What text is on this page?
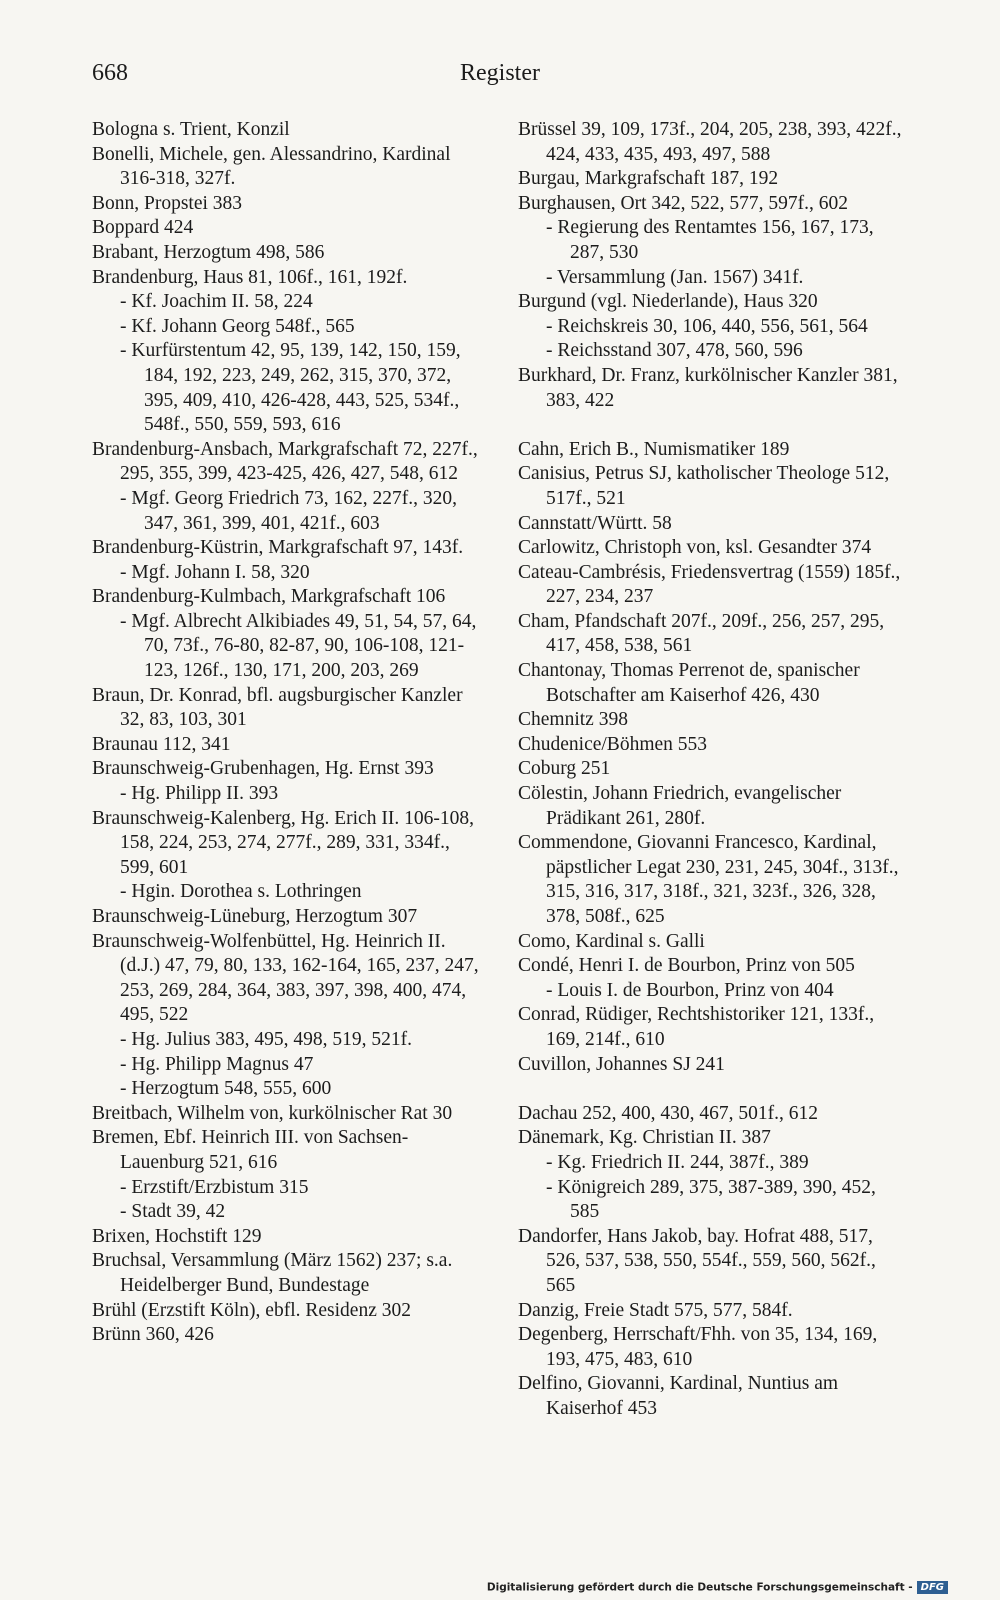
668	Register
Bologna s. Trient, Konzil
Bonelli, Michele, gen. Alessandrino, Kardinal 316-318, 327f.
Bonn, Propstei 383
Boppard 424
Brabant, Herzogtum 498, 586
Brandenburg, Haus 81, 106f., 161, 192f.
- Kf. Joachim II. 58, 224
- Kf. Johann Georg 548f., 565
- Kurfürstentum 42, 95, 139, 142, 150, 159, 184, 192, 223, 249, 262, 315, 370, 372, 395, 409, 410, 426-428, 443, 525, 534f., 548f., 550, 559, 593, 616
Brandenburg-Ansbach, Markgrafschaft 72, 227f., 295, 355, 399, 423-425, 426, 427, 548, 612
- Mgf. Georg Friedrich 73, 162, 227f., 320, 347, 361, 399, 401, 421f., 603
Brandenburg-Küstrin, Markgrafschaft 97, 143f.
- Mgf. Johann I. 58, 320
Brandenburg-Kulmbach, Markgrafschaft 106
- Mgf. Albrecht Alkibiades 49, 51, 54, 57, 64, 70, 73f., 76-80, 82-87, 90, 106-108, 121-123, 126f., 130, 171, 200, 203, 269
Braun, Dr. Konrad, bfl. augsburgischer Kanzler 32, 83, 103, 301
Braunau 112, 341
Braunschweig-Grubenhagen, Hg. Ernst 393
- Hg. Philipp II. 393
Braunschweig-Kalenberg, Hg. Erich II. 106-108, 158, 224, 253, 274, 277f., 289, 331, 334f., 599, 601
- Hgin. Dorothea s. Lothringen
Braunschweig-Lüneburg, Herzogtum 307
Braunschweig-Wolfenbüttel, Hg. Heinrich II. (d.J.) 47, 79, 80, 133, 162-164, 165, 237, 247, 253, 269, 284, 364, 383, 397, 398, 400, 474, 495, 522
- Hg. Julius 383, 495, 498, 519, 521f.
- Hg. Philipp Magnus 47
- Herzogtum 548, 555, 600
Breitbach, Wilhelm von, kurkölnischer Rat 30
Bremen, Ebf. Heinrich III. von Sachsen-Lauenburg 521, 616
- Erzstift/Erzbistum 315
- Stadt 39, 42
Brixen, Hochstift 129
Bruchsal, Versammlung (März 1562) 237; s.a. Heidelberger Bund, Bundestage
Brühl (Erzstift Köln), ebfl. Residenz 302
Brünn 360, 426
Brüssel 39, 109, 173f., 204, 205, 238, 393, 422f., 424, 433, 435, 493, 497, 588
Burgau, Markgrafschaft 187, 192
Burghausen, Ort 342, 522, 577, 597f., 602
- Regierung des Rentamtes 156, 167, 173, 287, 530
- Versammlung (Jan. 1567) 341f.
Burgund (vgl. Niederlande), Haus 320
- Reichskreis 30, 106, 440, 556, 561, 564
- Reichsstand 307, 478, 560, 596
Burkhard, Dr. Franz, kurkölnischer Kanzler 381, 383, 422
Cahn, Erich B., Numismatiker 189
Canisius, Petrus SJ, katholischer Theologe 512, 517f., 521
Cannstatt/Württ. 58
Carlowitz, Christoph von, ksl. Gesandter 374
Cateau-Cambrésis, Friedensvertrag (1559) 185f., 227, 234, 237
Cham, Pfandschaft 207f., 209f., 256, 257, 295, 417, 458, 538, 561
Chantonay, Thomas Perrenot de, spanischer Botschafter am Kaiserhof 426, 430
Chemnitz 398
Chudenice/Böhmen 553
Coburg 251
Cölestin, Johann Friedrich, evangelischer Prädikant 261, 280f.
Commendone, Giovanni Francesco, Kardinal, päpstlicher Legat 230, 231, 245, 304f., 313f., 315, 316, 317, 318f., 321, 323f., 326, 328, 378, 508f., 625
Como, Kardinal s. Galli
Condé, Henri I. de Bourbon, Prinz von 505
- Louis I. de Bourbon, Prinz von 404
Conrad, Rüdiger, Rechtshistoriker 121, 133f., 169, 214f., 610
Cuvillon, Johannes SJ 241
Dachau 252, 400, 430, 467, 501f., 612
Dänemark, Kg. Christian II. 387
- Kg. Friedrich II. 244, 387f., 389
- Königreich 289, 375, 387-389, 390, 452, 585
Dandorfer, Hans Jakob, bay. Hofrat 488, 517, 526, 537, 538, 550, 554f., 559, 560, 562f., 565
Danzig, Freie Stadt 575, 577, 584f.
Degenberg, Herrschaft/Fhh. von 35, 134, 169, 193, 475, 483, 610
Delfino, Giovanni, Kardinal, Nuntius am Kaiserhof 453
Digitalisierung gefördert durch die Deutsche Forschungsgemeinschaft - DFG
